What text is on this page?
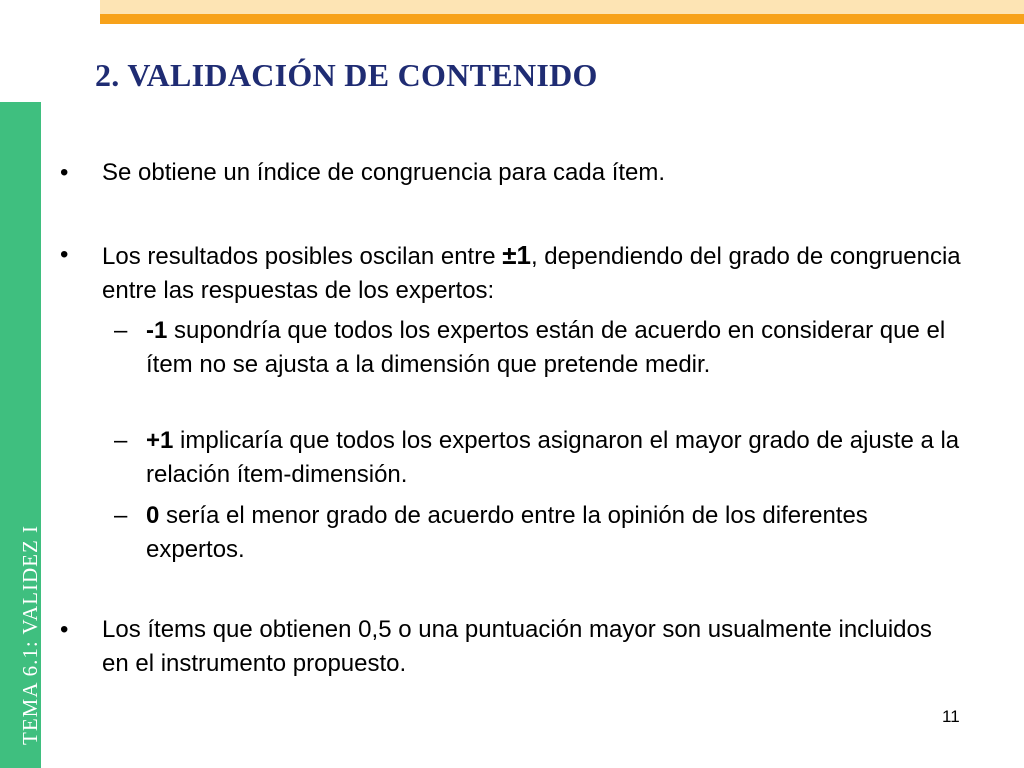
TEMA 6.1: VALIDEZ I
2. VALIDACIÓN DE CONTENIDO

• Se obtiene un índice de congruencia para cada ítem.

• Los resultados posibles oscilan entre ±1, dependiendo del grado de congruencia entre las respuestas de los expertos:

– -1 supondría que todos los expertos están de acuerdo en considerar que el ítem no se ajusta a la dimensión que pretende medir.

– +1 implicaría que todos los expertos asignaron el mayor grado de ajuste a la relación ítem-dimensión.

– 0 sería el menor grado de acuerdo entre la opinión de los diferentes expertos.

• Los ítems que obtienen 0,5 o una puntuación mayor son usualmente incluidos en el instrumento propuesto.

11
